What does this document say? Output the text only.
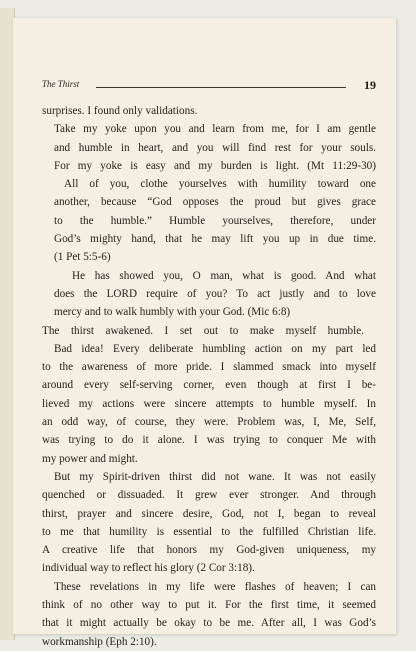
The Thirst	19
surprises. I found only validations.
Take my yoke upon you and learn from me, for I am gentle
and humble in heart, and you will find rest for your souls.
For my yoke is easy and my burden is light. (Mt 11:29-30)
All of you, clothe yourselves with humility toward one
another, because “God opposes the proud but gives grace
to the humble.” Humble yourselves, therefore, under
God’s mighty hand, that he may lift you up in due time.
(1 Pet 5:5-6)
He has showed you, O man, what is good. And what
does the LORD require of you? To act justly and to love
mercy and to walk humbly with your God. (Mic 6:8)
The thirst awakened. I set out to make myself humble.
Bad idea! Every deliberate humbling action on my part led
to the awareness of more pride. I slammed smack into myself
around every self-serving corner, even though at first I be-
lieved my actions were sincere attempts to humble myself. In
an odd way, of course, they were. Problem was, I, Me, Self,
was trying to do it alone. I was trying to conquer Me with
my power and might.
But my Spirit-driven thirst did not wane. It was not easily
quenched or dissuaded. It grew ever stronger. And through
thirst, prayer and sincere desire, God, not I, began to reveal
to me that humility is essential to the fulfilled Christian life.
A creative life that honors my God-given uniqueness, my
individual way to reflect his glory (2 Cor 3:18).
These revelations in my life were flashes of heaven; I can
think of no other way to put it. For the first time, it seemed
that it might actually be okay to be me. After all, I was God’s
workmanship (Eph 2:10).
